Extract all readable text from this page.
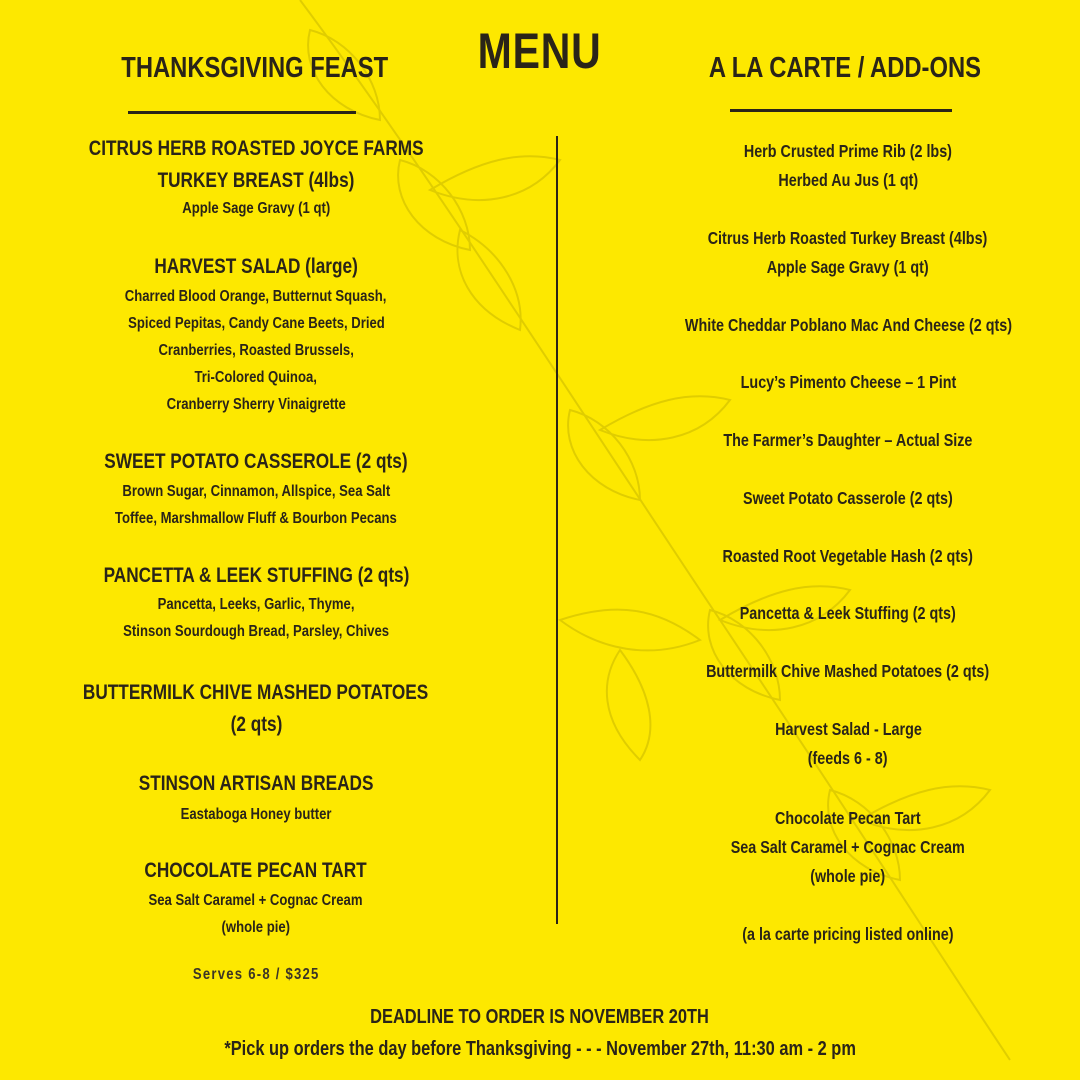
MENU
THANKSGIVING FEAST	A LA CARTE / ADD-ONS
CITRUS HERB ROASTED JOYCE FARMS
TURKEY BREAST (4lbs)
Apple Sage Gravy (1 qt)
HARVEST SALAD (large)
Charred Blood Orange, Butternut Squash,
Spiced Pepitas, Candy Cane Beets, Dried
Cranberries, Roasted Brussels,
Tri-Colored Quinoa,
Cranberry Sherry Vinaigrette
SWEET POTATO CASSEROLE (2 qts)
Brown Sugar, Cinnamon, Allspice, Sea Salt
Toffee, Marshmallow Fluff & Bourbon Pecans
PANCETTA & LEEK STUFFING (2 qts)
Pancetta, Leeks, Garlic, Thyme,
Stinson Sourdough Bread, Parsley, Chives
BUTTERMILK CHIVE MASHED POTATOES
(2 qts)
STINSON ARTISAN BREADS
Eastaboga Honey butter
CHOCOLATE PECAN TART
Sea Salt Caramel + Cognac Cream
(whole pie)
Serves 6-8 / $325
Herb Crusted Prime Rib (2 lbs)
Herbed Au Jus (1 qt)
Citrus Herb Roasted Turkey Breast (4lbs)
Apple Sage Gravy (1 qt)
White Cheddar Poblano Mac And Cheese (2 qts)
Lucy’s Pimento Cheese – 1 Pint
The Farmer’s Daughter – Actual Size
Sweet Potato Casserole (2 qts)
Roasted Root Vegetable Hash (2 qts)
Pancetta & Leek Stuffing (2 qts)
Buttermilk Chive Mashed Potatoes (2 qts)
Harvest Salad - Large
(feeds 6 - 8)
Chocolate Pecan Tart
Sea Salt Caramel + Cognac Cream
(whole pie)
(a la carte pricing listed online)
DEADLINE TO ORDER IS NOVEMBER 20TH
*Pick up orders the day before Thanksgiving - - - November 27th, 11:30 am - 2 pm
